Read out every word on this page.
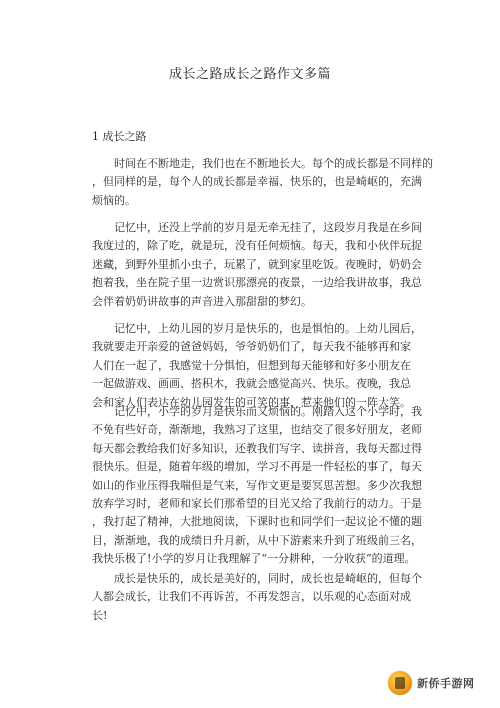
成长之路成长之路作文多篇
1 成长之路
时间在不断地走，我们也在不断地长大。每个的成长都是不同样的
，但同样的是，每个人的成长都是幸福、快乐的，也是崎岖的，充满
烦恼的。
记忆中，还没上学前的岁月是无牵无挂了，这段岁月我是在乡间
我度过的，除了吃，就是玩，没有任何烦恼。每天，我和小伙伴玩捉
迷藏，到野外里抓小虫子，玩累了，就到家里吃饭。夜晚时，奶奶会
抱着我，坐在院子里一边赏识那漂亮的夜景，一边给我讲故事，我总
会伴着奶奶讲故事的声音进入那甜甜的梦幻。
记忆中，上幼儿园的岁月是快乐的，也是惧怕的。上幼儿园后，
我就要走开亲爱的爸爸妈妈，爷爷奶奶们了，每天我不能够再和家
人们在一起了，我感觉十分惧怕，但想到每天能够和好多小朋友在
一起做游戏、画画、搭积木，我就会感觉高兴、快乐。夜晚，我总
会和家人们表达在幼儿园发生的可笑的事，惹来他们的一阵大笑。
记忆中，小学的岁月是快乐而又烦恼的。刚踏入这个小学时，我
不免有些好奇，渐渐地，我熟习了这里，也结交了很多好朋友，老师
每天都会教给我们好多知识，还教我们写字、读拼音，我每天都过得
很快乐。但是，随着年级的增加，学习不再是一件轻松的事了，每天
如山的作业压得我喘但是气来，写作文更是要冥思苦想。多少次我想
放弃学习时，老师和家长们那希望的目光又给了我前行的动力。于是
，我打起了精神，大批地阅读，下课时也和同学们一起议论不懂的题
目，渐渐地，我的成绩日升月新，从中下游素来升到了班级前三名，
我快乐极了!小学的岁月让我理解了“一分耕种，一分收获”的道理。
成长是快乐的，成长是美好的，同时，成长也是崎岖的，但每个
人都会成长，让我们不再诉苦，不再发怨言，以乐观的心态面对成
长!
新侨手游网
